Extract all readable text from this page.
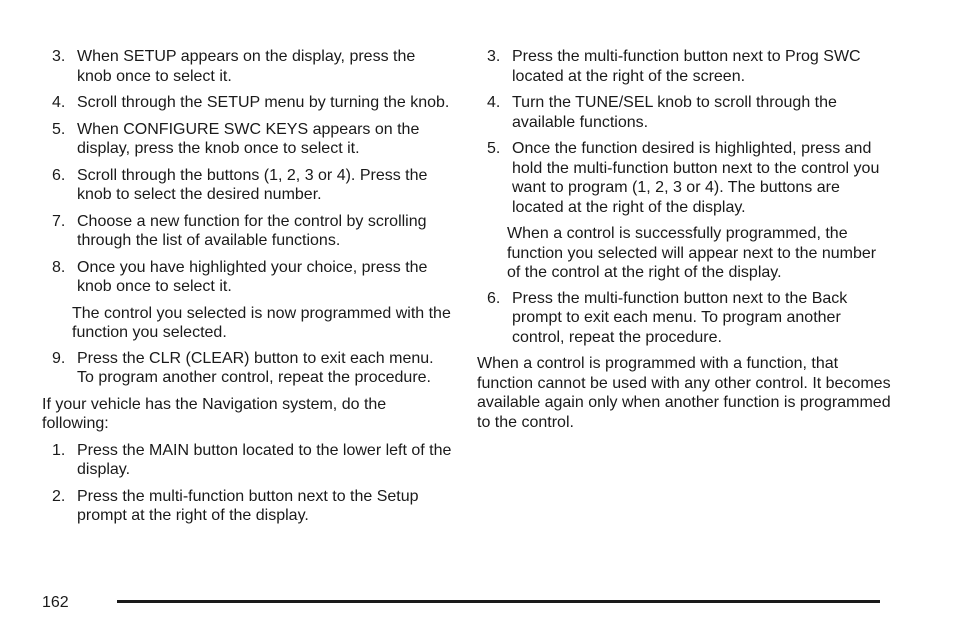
3. When SETUP appears on the display, press the knob once to select it.
4. Scroll through the SETUP menu by turning the knob.
5. When CONFIGURE SWC KEYS appears on the display, press the knob once to select it.
6. Scroll through the buttons (1, 2, 3 or 4). Press the knob to select the desired number.
7. Choose a new function for the control by scrolling through the list of available functions.
8. Once you have highlighted your choice, press the knob once to select it.
The control you selected is now programmed with the function you selected.
9. Press the CLR (CLEAR) button to exit each menu. To program another control, repeat the procedure.
If your vehicle has the Navigation system, do the following:
1. Press the MAIN button located to the lower left of the display.
2. Press the multi-function button next to the Setup prompt at the right of the display.
3. Press the multi-function button next to Prog SWC located at the right of the screen.
4. Turn the TUNE/SEL knob to scroll through the available functions.
5. Once the function desired is highlighted, press and hold the multi-function button next to the control you want to program (1, 2, 3 or 4). The buttons are located at the right of the display.
When a control is successfully programmed, the function you selected will appear next to the number of the control at the right of the display.
6. Press the multi-function button next to the Back prompt to exit each menu. To program another control, repeat the procedure.
When a control is programmed with a function, that function cannot be used with any other control. It becomes available again only when another function is programmed to the control.
162
